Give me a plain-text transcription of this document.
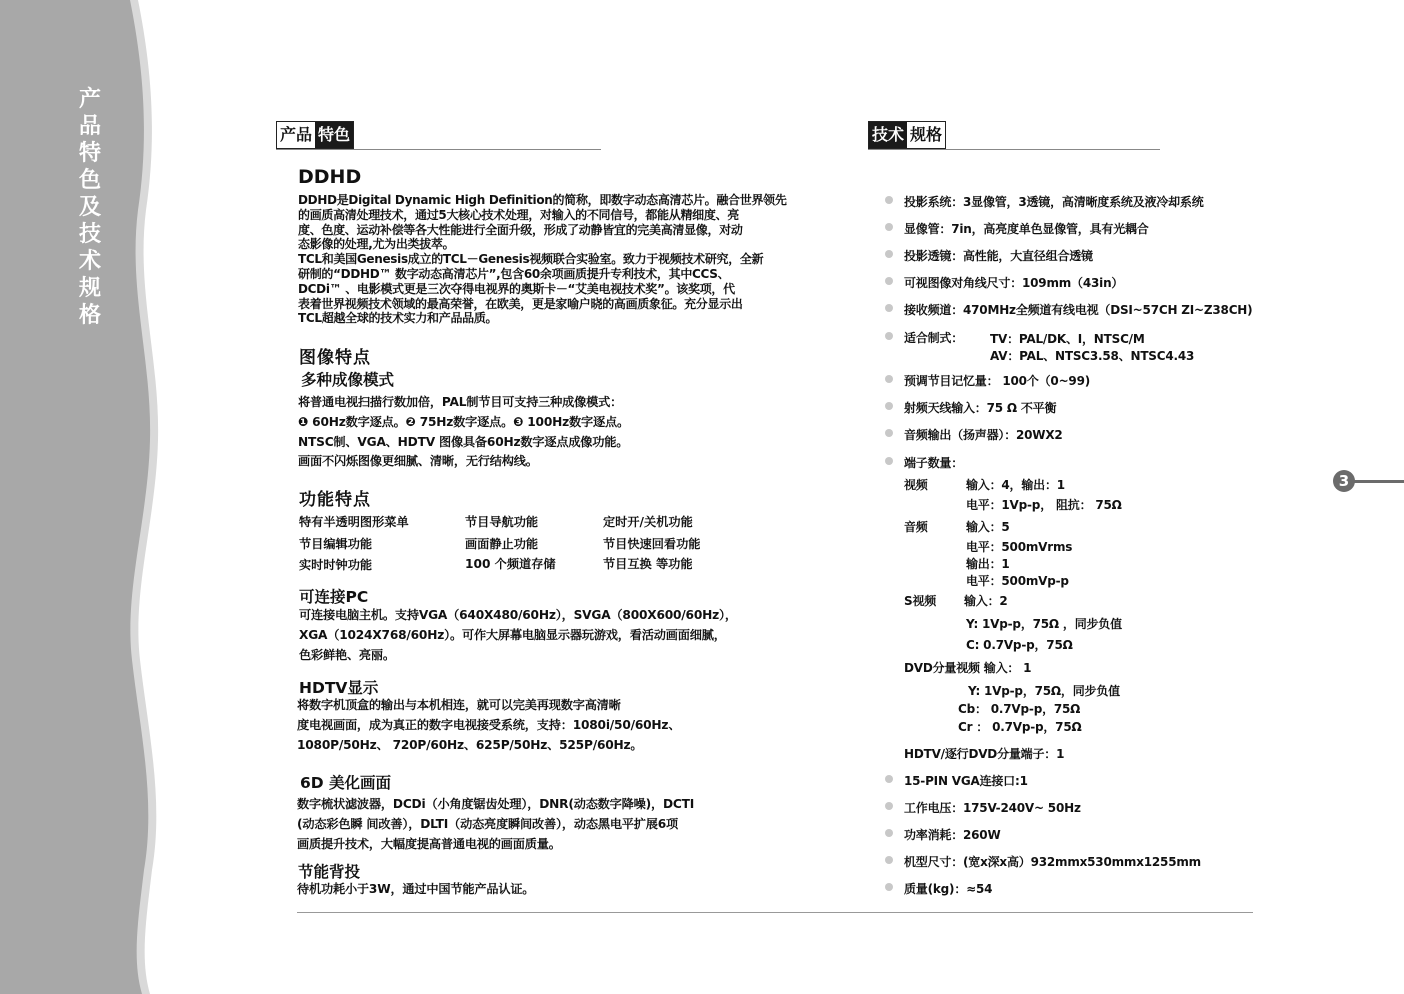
产
品
特
色
及
技
术
规
格
产品 特色
DDHD
DDHD是Digital Dynamic High Definition的简称，即数字动态高清芯片。融合世界领先
的画质高清处理技术，通过5大核心技术处理，对输入的不同信号，都能从精细度、亮
度、色度、运动补偿等各大性能进行全面升级，形成了动静皆宜的完美高清显像，对动
态影像的处理,尤为出类拔萃。
TCL和美国Genesis成立的TCL－Genesis视频联合实验室。致力于视频技术研究，全新
研制的“DDHD™ 数字动态高清芯片”,包含60余项画质提升专利技术，其中CCS、
DCDi™ 、电影模式更是三次夺得电视界的奥斯卡－“艾美电视技术奖”。该奖项，代
表着世界视频技术领域的最高荣誉，在欧美，更是家喻户晓的高画质象征。充分显示出
TCL超越全球的技术实力和产品品质。
图像特点
多种成像模式
将普通电视扫描行数加倍，PAL制节目可支持三种成像模式：
❶ 60Hz数字逐点。❷ 75Hz数字逐点。❸ 100Hz数字逐点。
NTSC制、VGA、HDTV 图像具备60Hz数字逐点成像功能。
画面不闪烁图像更细腻、清晰，无行结构线。
功能特点
特有半透明图形菜单	节目导航功能	定时开/关机功能
节目编辑功能	画面静止功能	节目快速回看功能
实时时钟功能	100 个频道存储	节目互换 等功能
可连接PC
可连接电脑主机。支持VGA（640X480/60Hz），SVGA（800X600/60Hz），
XGA（1024X768/60Hz）。可作大屏幕电脑显示器玩游戏，看活动画面细腻，
色彩鲜艳、亮丽。
HDTV显示
将数字机顶盒的输出与本机相连，就可以完美再现数字高清晰
度电视画面，成为真正的数字电视接受系统，支持：1080i/50/60Hz、
1080P/50Hz、 720P/60Hz、625P/50Hz、525P/60Hz。
6D 美化画面
数字梳状滤波器，DCDi（小角度锯齿处理），DNR(动态数字降噪)，DCTI
(动态彩色瞬 间改善），DLTI（动态亮度瞬间改善），动态黑电平扩展6项
画质提升技术，大幅度提高普通电视的画面质量。
节能背投
待机功耗小于3W，通过中国节能产品认证。
技术 规格
投影系统：3显像管，3透镜，高清晰度系统及液冷却系统
显像管：7in，高亮度单色显像管，具有光耦合
投影透镜：高性能，大直径组合透镜
可视图像对角线尺寸：109mm（43in）
接收频道：470MHz全频道有线电视（DSI~57CH ZI~Z38CH)
适合制式： TV：PAL/DK、I，NTSC/M
AV：PAL、NTSC3.58、NTSC4.43
预调节目记忆量： 100个（0~99)
射频天线输入：75 Ω 不平衡
音频输出（扬声器）：20WX2
端子数量：
视频	输入：4，输出：1
电平：1Vp-p， 阻抗： 75Ω
音频	输入：5
电平：500mVrms
输出：1
电平：500mVp-p
S视频 输入：2
Y: 1Vp-p，75Ω ，同步负值
C: 0.7Vp-p，75Ω
DVD分量视频 输入： 1
Y: 1Vp-p，75Ω，同步负值
Cb： 0.7Vp-p，75Ω
Cr ： 0.7Vp-p，75Ω
HDTV/逐行DVD分量端子：1
15-PIN VGA连接口:1
工作电压：175V-240V~ 50Hz
功率消耗：260W
机型尺寸：(宽x深x高）932mmx530mmx1255mm
质量(kg)：≈54
3
